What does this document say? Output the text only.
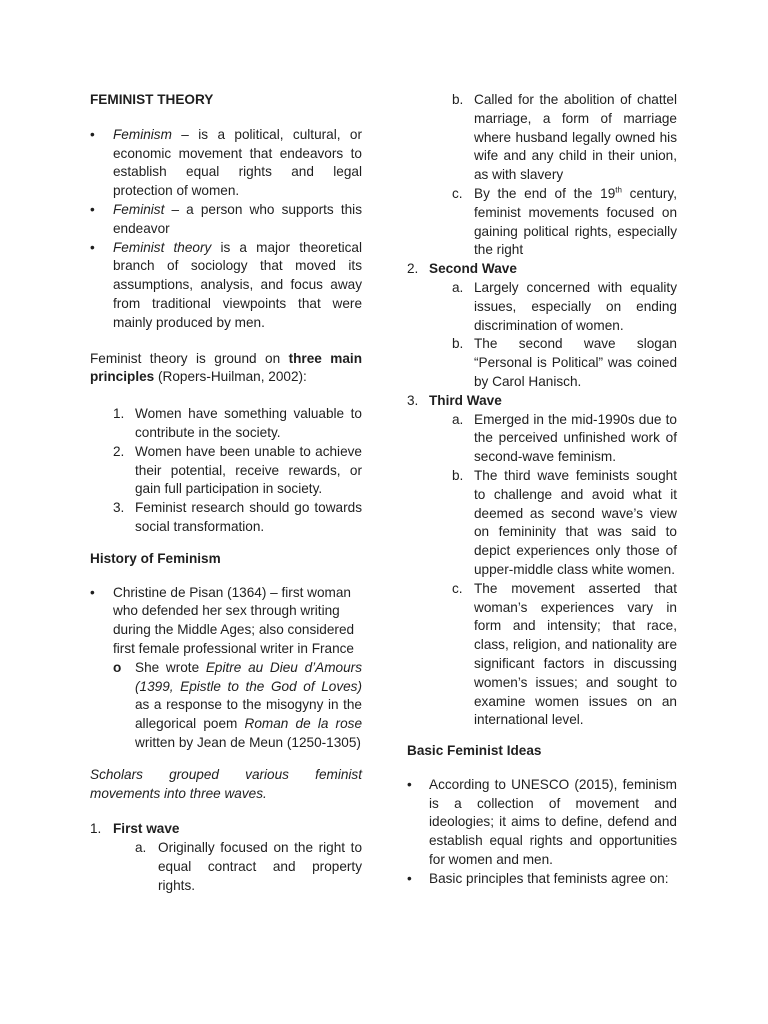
FEMINIST THEORY

• Feminism – is a political, cultural, or economic movement that endeavors to establish equal rights and legal protection of women.
• Feminist – a person who supports this endeavor
• Feminist theory is a major theoretical branch of sociology that moved its assumptions, analysis, and focus away from traditional viewpoints that were mainly produced by men.

Feminist theory is ground on three main principles (Ropers-Huilman, 2002):

1. Women have something valuable to contribute in the society.
2. Women have been unable to achieve their potential, receive rewards, or gain full participation in society.
3. Feminist research should go towards social transformation.

History of Feminism

• Christine de Pisan (1364) – first woman who defended her sex through writing during the Middle Ages; also considered first female professional writer in France
o She wrote Epitre au Dieu d’Amours (1399, Epistle to the God of Loves) as a response to the misogyny in the allegorical poem Roman de la rose written by Jean de Meun (1250-1305)

Scholars grouped various feminist movements into three waves.

1. First wave
a. Originally focused on the right to equal contract and property rights.
b. Called for the abolition of chattel marriage, a form of marriage where husband legally owned his wife and any child in their union, as with slavery
c. By the end of the 19th century, feminist movements focused on gaining political rights, especially the right
2. Second Wave
a. Largely concerned with equality issues, especially on ending discrimination of women.
b. The second wave slogan “Personal is Political” was coined by Carol Hanisch.
3. Third Wave
a. Emerged in the mid-1990s due to the perceived unfinished work of second-wave feminism.
b. The third wave feminists sought to challenge and avoid what it deemed as second wave’s view on femininity that was said to depict experiences only those of upper-middle class white women.
c. The movement asserted that woman’s experiences vary in form and intensity; that race, class, religion, and nationality are significant factors in discussing women’s issues; and sought to examine women issues on an international level.

Basic Feminist Ideas

• According to UNESCO (2015), feminism is a collection of movement and ideologies; it aims to define, defend and establish equal rights and opportunities for women and men.
• Basic principles that feminists agree on:
